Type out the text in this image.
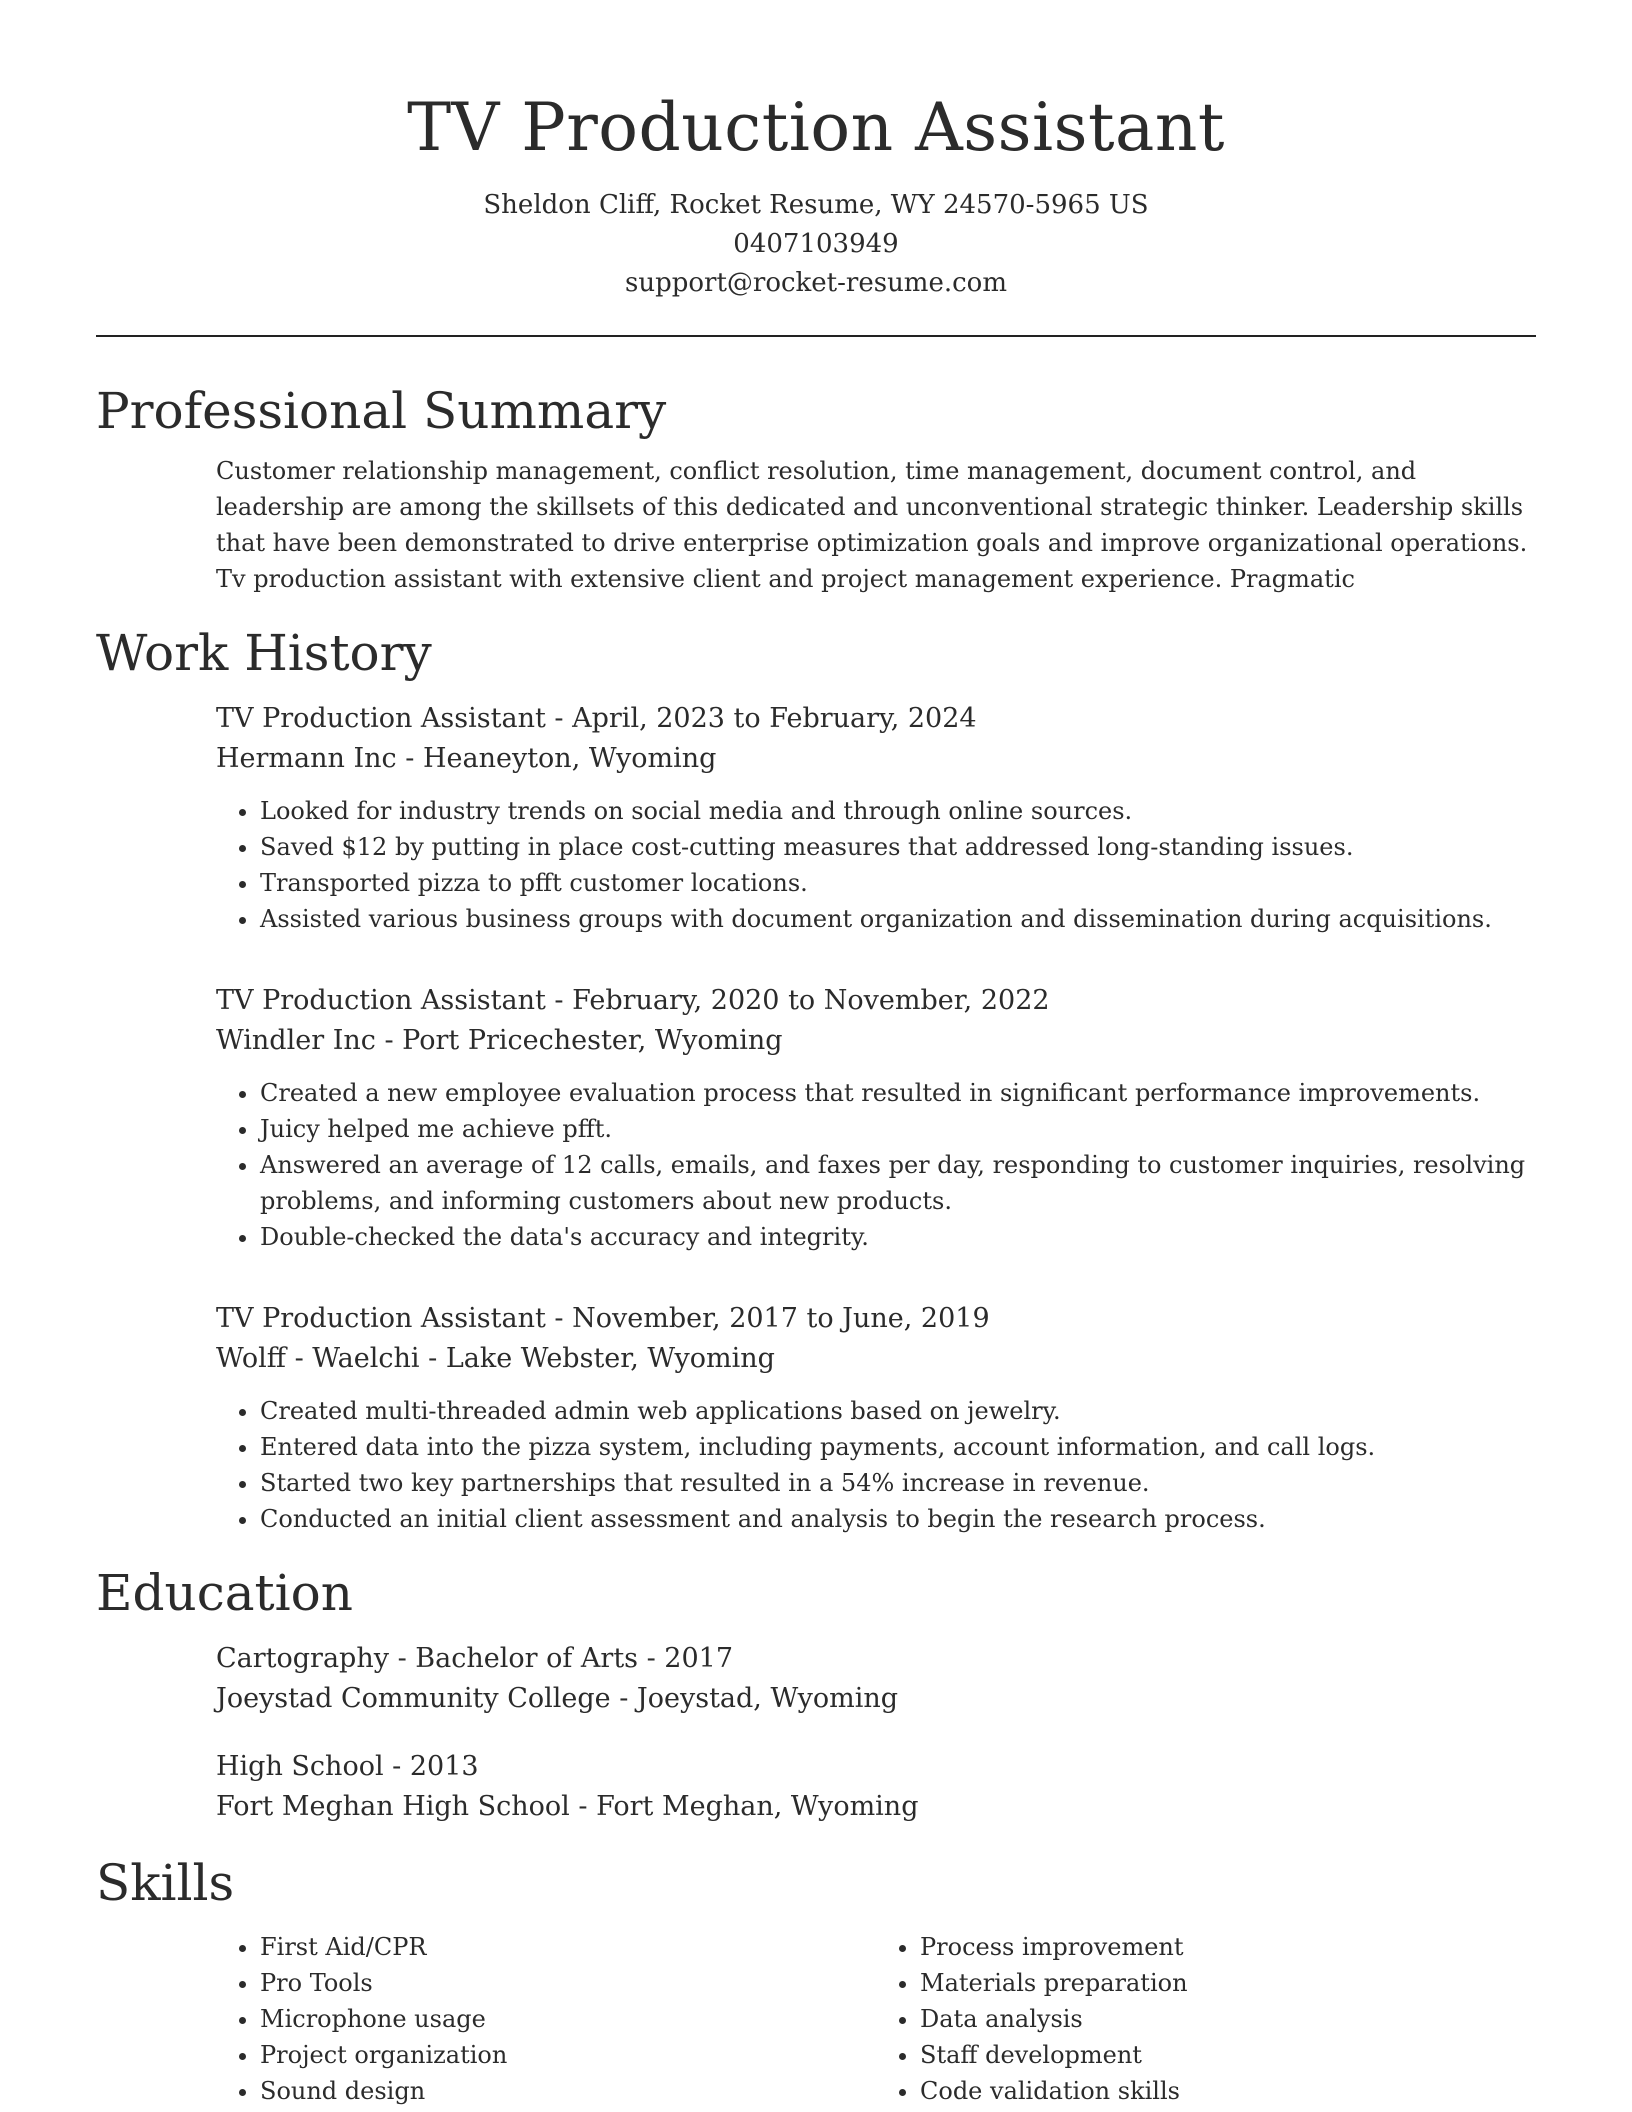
TV Production Assistant
Sheldon Cliff, Rocket Resume, WY 24570-5965 US
0407103949
support@rocket-resume.com
Professional Summary

Customer relationship management, conflict resolution, time management, document control, and leadership are among the skillsets of this dedicated and unconventional strategic thinker. Leadership skills that have been demonstrated to drive enterprise optimization goals and improve organizational operations. Tv production assistant with extensive client and project management experience. Pragmatic

Work History
TV Production Assistant - April, 2023 to February, 2024
Hermann Inc - Heaneyton, Wyoming
• Looked for industry trends on social media and through online sources.
• Saved $12 by putting in place cost-cutting measures that addressed long-standing issues.
• Transported pizza to pfft customer locations.
• Assisted various business groups with document organization and dissemination during acquisitions.
TV Production Assistant - February, 2020 to November, 2022
Windler Inc - Port Pricechester, Wyoming
• Created a new employee evaluation process that resulted in significant performance improvements.
• Juicy helped me achieve pfft.
• Answered an average of 12 calls, emails, and faxes per day, responding to customer inquiries, resolving problems, and informing customers about new products.
• Double-checked the data's accuracy and integrity.
TV Production Assistant - November, 2017 to June, 2019
Wolff - Waelchi - Lake Webster, Wyoming
• Created multi-threaded admin web applications based on jewelry.
• Entered data into the pizza system, including payments, account information, and call logs.
• Started two key partnerships that resulted in a 54% increase in revenue.
• Conducted an initial client assessment and analysis to begin the research process.
Education
Cartography - Bachelor of Arts - 2017
Joeystad Community College - Joeystad, Wyoming
High School - 2013
Fort Meghan High School - Fort Meghan, Wyoming
Skills
• First Aid/CPR
• Pro Tools
• Microphone usage
• Project organization
• Sound design
• Process improvement
• Materials preparation
• Data analysis
• Staff development
• Code validation skills
